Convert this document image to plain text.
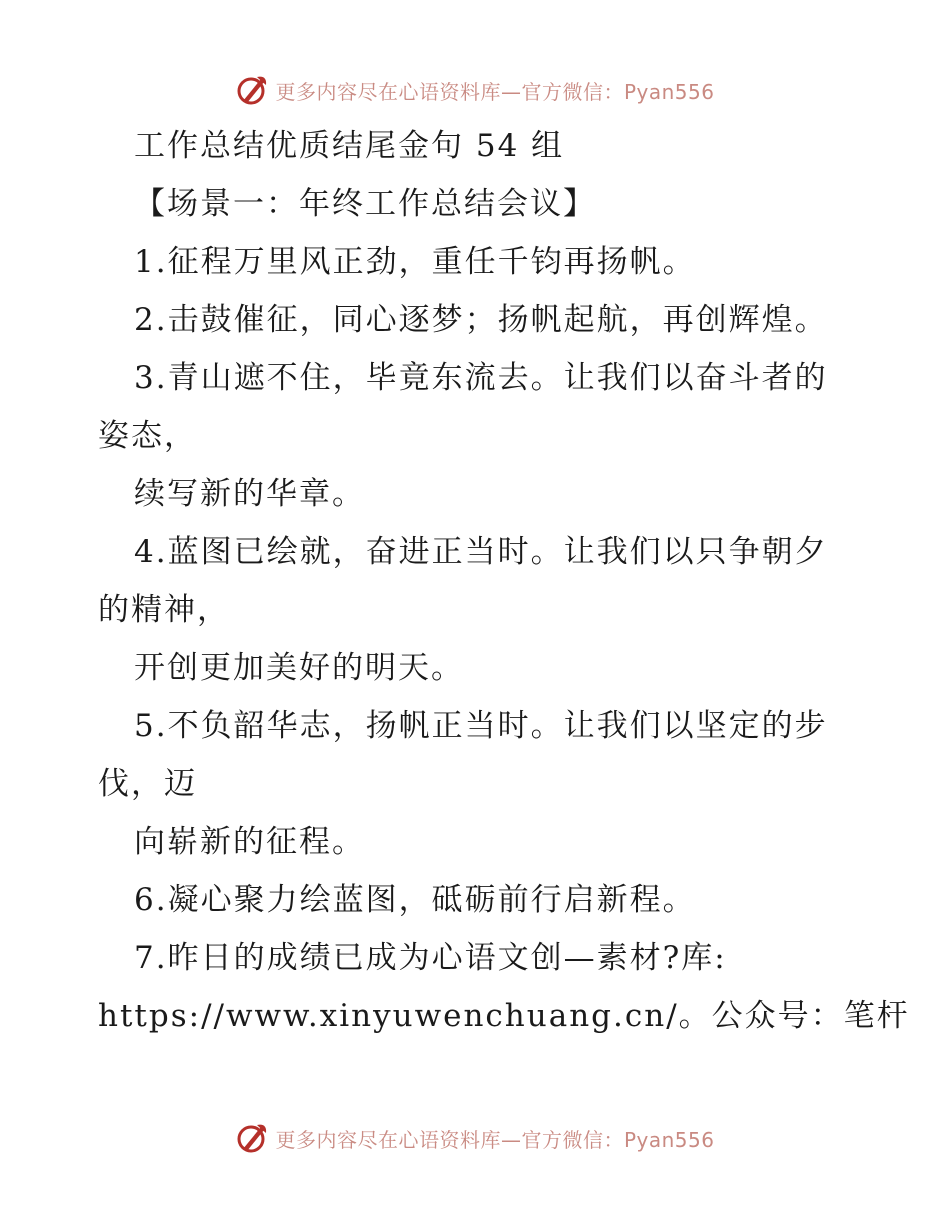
更多内容尽在心语资料库—官方微信：Pyan556
工作总结优质结尾金句 54 组
【场景一：年终工作总结会议】
1.征程万里风正劲，重任千钧再扬帆。
2.击鼓催征，同心逐梦；扬帆起航，再创辉煌。
3.青山遮不住，毕竟东流去。让我们以奋斗者的
姿态，
续写新的华章。
4.蓝图已绘就，奋进正当时。让我们以只争朝夕
的精神，
开创更加美好的明天。
5.不负韶华志，扬帆正当时。让我们以坚定的步
伐，迈
向崭新的征程。
6.凝心聚力绘蓝图，砥砺前行启新程。
7.昨日的成绩已成为心语文创—素材?库:
https://www.xinyuwenchuang.cn/。公众号：笔杆
更多内容尽在心语资料库—官方微信：Pyan556
